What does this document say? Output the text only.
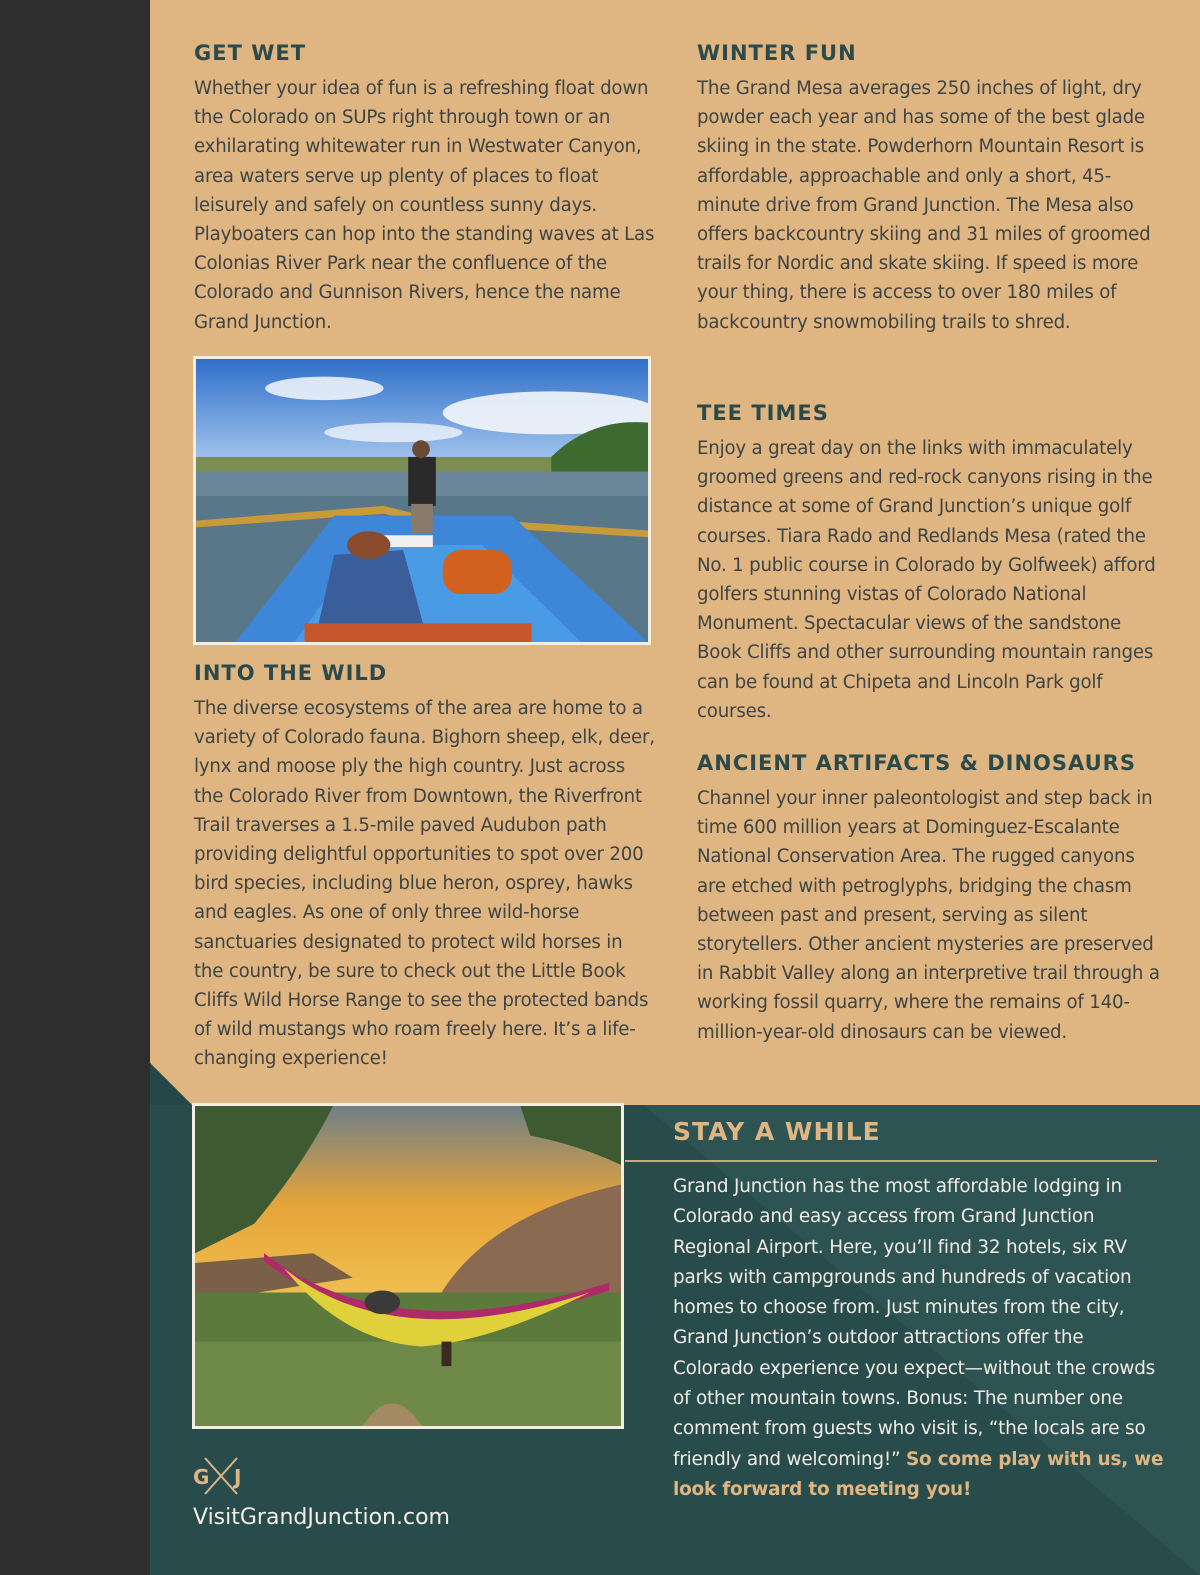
GET WET

Whether your idea of fun is a refreshing float down the Colorado on SUPs right through town or an exhilarating whitewater run in Westwater Canyon, area waters serve up plenty of places to float leisurely and safely on countless sunny days. Playboaters can hop into the standing waves at Las Colonias River Park near the confluence of the Colorado and Gunnison Rivers, hence the name Grand Junction.

INTO THE WILD

The diverse ecosystems of the area are home to a variety of Colorado fauna. Bighorn sheep, elk, deer, lynx and moose ply the high country. Just across the Colorado River from Downtown, the Riverfront Trail traverses a 1.5-mile paved Audubon path providing delightful opportunities to spot over 200 bird species, including blue heron, osprey, hawks and eagles. As one of only three wild-horse sanctuaries designated to protect wild horses in the country, be sure to check out the Little Book Cliffs Wild Horse Range to see the protected bands of wild mustangs who roam freely here. It’s a life-changing experience!

WINTER FUN

The Grand Mesa averages 250 inches of light, dry powder each year and has some of the best glade skiing in the state. Powderhorn Mountain Resort is affordable, approachable and only a short, 45-minute drive from Grand Junction. The Mesa also offers backcountry skiing and 31 miles of groomed trails for Nordic and skate skiing. If speed is more your thing, there is access to over 180 miles of backcountry snowmobiling trails to shred.

TEE TIMES

Enjoy a great day on the links with immaculately groomed greens and red-rock canyons rising in the distance at some of Grand Junction’s unique golf courses. Tiara Rado and Redlands Mesa (rated the No. 1 public course in Colorado by Golfweek) afford golfers stunning vistas of Colorado National Monument. Spectacular views of the sandstone Book Cliffs and other surrounding mountain ranges can be found at Chipeta and Lincoln Park golf courses.

ANCIENT ARTIFACTS & DINOSAURS

Channel your inner paleontologist and step back in time 600 million years at Dominguez-Escalante National Conservation Area. The rugged canyons are etched with petroglyphs, bridging the chasm between past and present, serving as silent storytellers. Other ancient mysteries are preserved in Rabbit Valley along an interpretive trail through a working fossil quarry, where the remains of 140-million-year-old dinosaurs can be viewed.

STAY A WHILE
Grand Junction has the most affordable lodging in Colorado and easy access from Grand Junction Regional Airport. Here, you’ll find 32 hotels, six RV parks with campgrounds and hundreds of vacation homes to choose from. Just minutes from the city, Grand Junction’s outdoor attractions offer the Colorado experience you expect—without the crowds of other mountain towns. Bonus: The number one comment from guests who visit is, “the locals are so friendly and welcoming!” So come play with us, we look forward to meeting you!
G J
VisitGrandJunction.com
